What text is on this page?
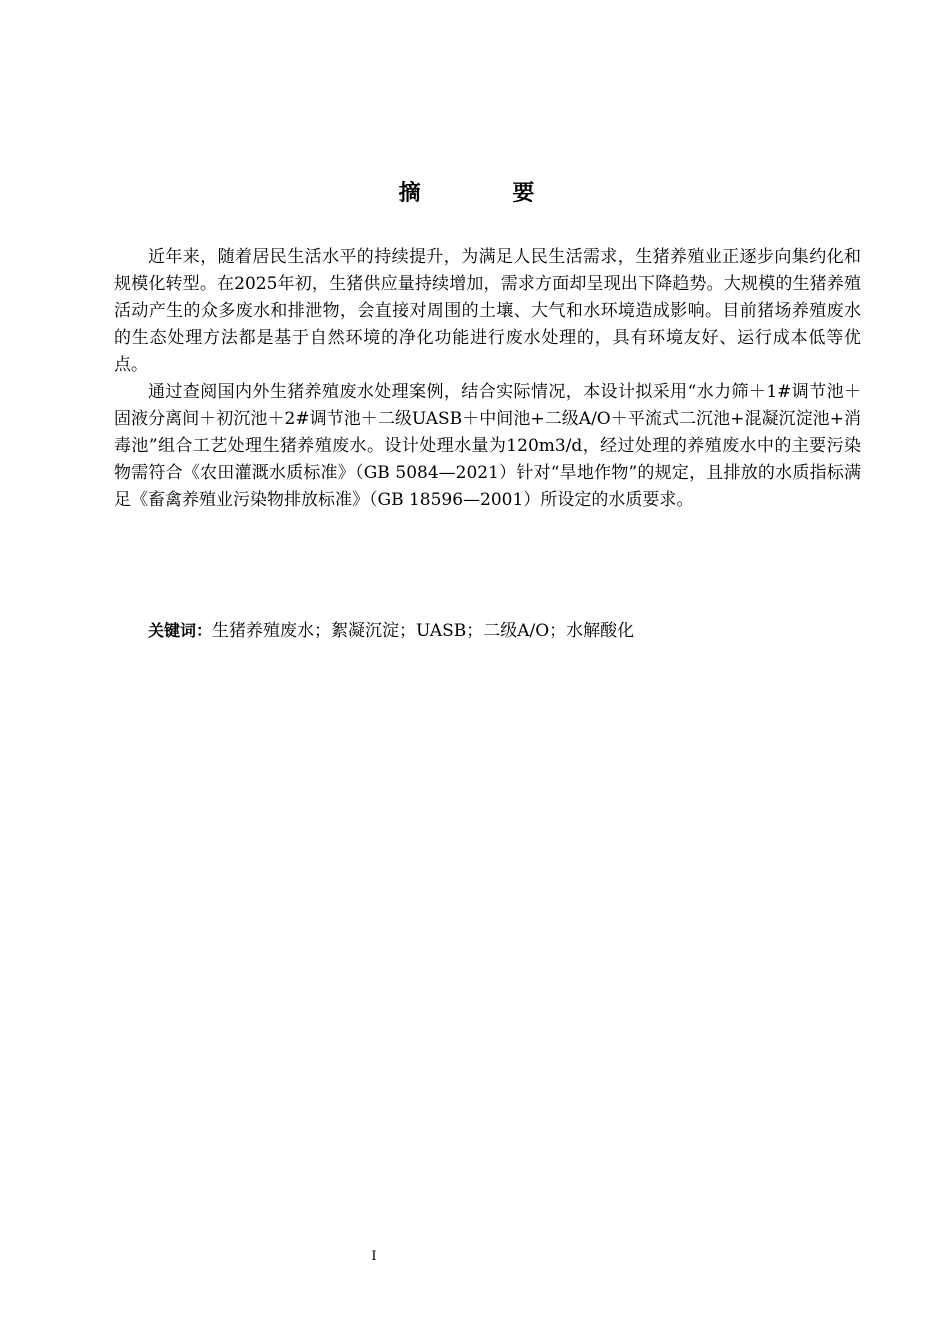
摘 要

近年来，随着居民生活水平的持续提升，为满足人民生活需求，生猪养殖业正逐步向集约化和规模化转型。在2025年初，生猪供应量持续增加，需求方面却呈现出下降趋势。大规模的生猪养殖活动产生的众多废水和排泄物，会直接对周围的土壤、大气和水环境造成影响。目前猪场养殖废水的生态处理方法都是基于自然环境的净化功能进行废水处理的，具有环境友好、运行成本低等优点。

通过查阅国内外生猪养殖废水处理案例，结合实际情况，本设计拟采用“水力筛＋1#调节池＋固液分离间＋初沉池＋2#调节池＋二级UASB＋中间池+二级A/O＋平流式二沉池+混凝沉淀池+消毒池”组合工艺处理生猪养殖废水。设计处理水量为120m3/d，经过处理的养殖废水中的主要污染物需符合《农田灌溉水质标准》（GB 5084—2021）针对“旱地作物”的规定，且排放的水质指标满足《畜禽养殖业污染物排放标准》（GB 18596—2001）所设定的水质要求。

关键词：生猪养殖废水；絮凝沉淀；UASB；二级A/O；水解酸化
I
